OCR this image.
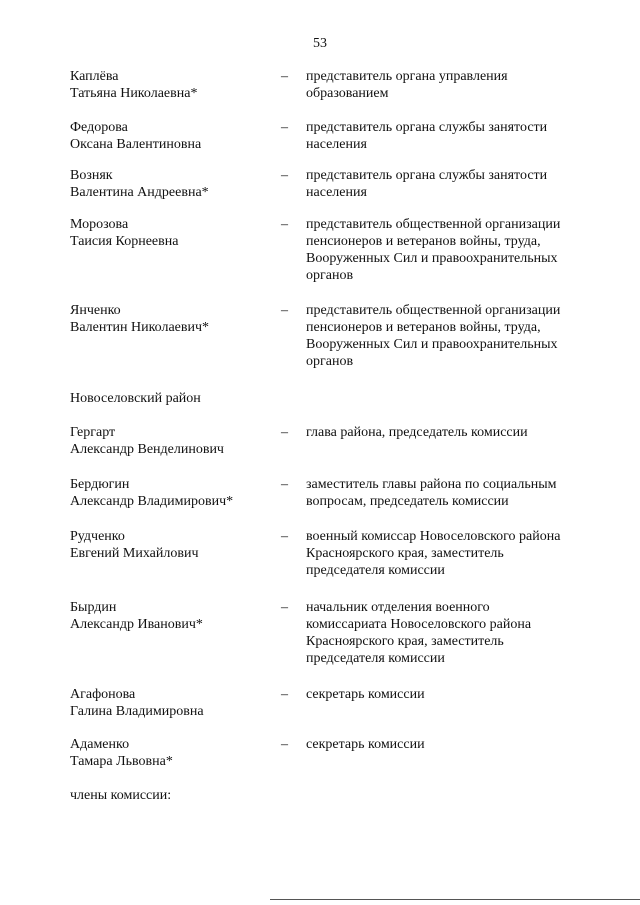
53
Каплёва
Татьяна Николаевна*
– представитель органа управления
образованием
Федорова
Оксана Валентиновна
– представитель органа службы занятости
населения
Возняк
Валентина Андреевна*
– представитель органа службы занятости
населения
Морозова
Таисия Корнеевна
– представитель общественной организации
пенсионеров и ветеранов войны, труда,
Вооруженных Сил и правоохранительных
органов
Янченко
Валентин Николаевич*
– представитель общественной организации
пенсионеров и ветеранов войны, труда,
Вооруженных Сил и правоохранительных
органов
Новоселовский район
Гергарт
Александр Венделинович
– глава района, председатель комиссии
Бердюгин
Александр Владимирович*
– заместитель главы района по социальным
вопросам, председатель комиссии
Рудченко
Евгений Михайлович
– военный комиссар Новоселовского района
Красноярского края, заместитель
председателя комиссии
Бырдин
Александр Иванович*
– начальник отделения военного
комиссариата Новоселовского района
Красноярского края, заместитель
председателя комиссии
Агафонова
Галина Владимировна
– секретарь комиссии
Адаменко
Тамара Львовна*
– секретарь комиссии
члены комиссии:
